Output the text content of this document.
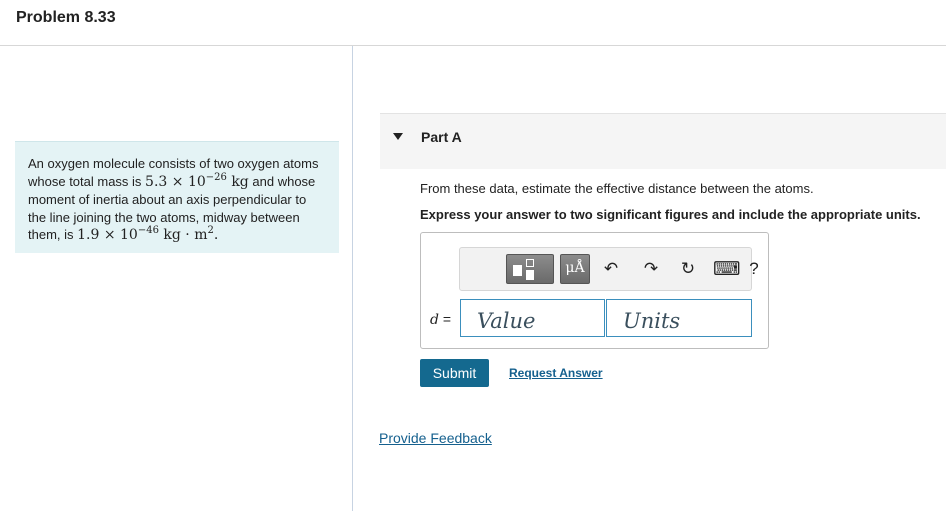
Problem 8.33
An oxygen molecule consists of two oxygen atoms whose total mass is $5.3 \times 10^{-26}$ kg and whose moment of inertia about an axis perpendicular to the line joining the two atoms, midway between them, is $1.9 \times 10^{-46}$ kg · $m^2$.
Part A
From these data, estimate the effective distance between the atoms.
Express your answer to two significant figures and include the appropriate units.
μÅ ↶ ↷ ↻ ⌨ ?
d =
Value
Units
Submit	Request Answer
Provide Feedback
